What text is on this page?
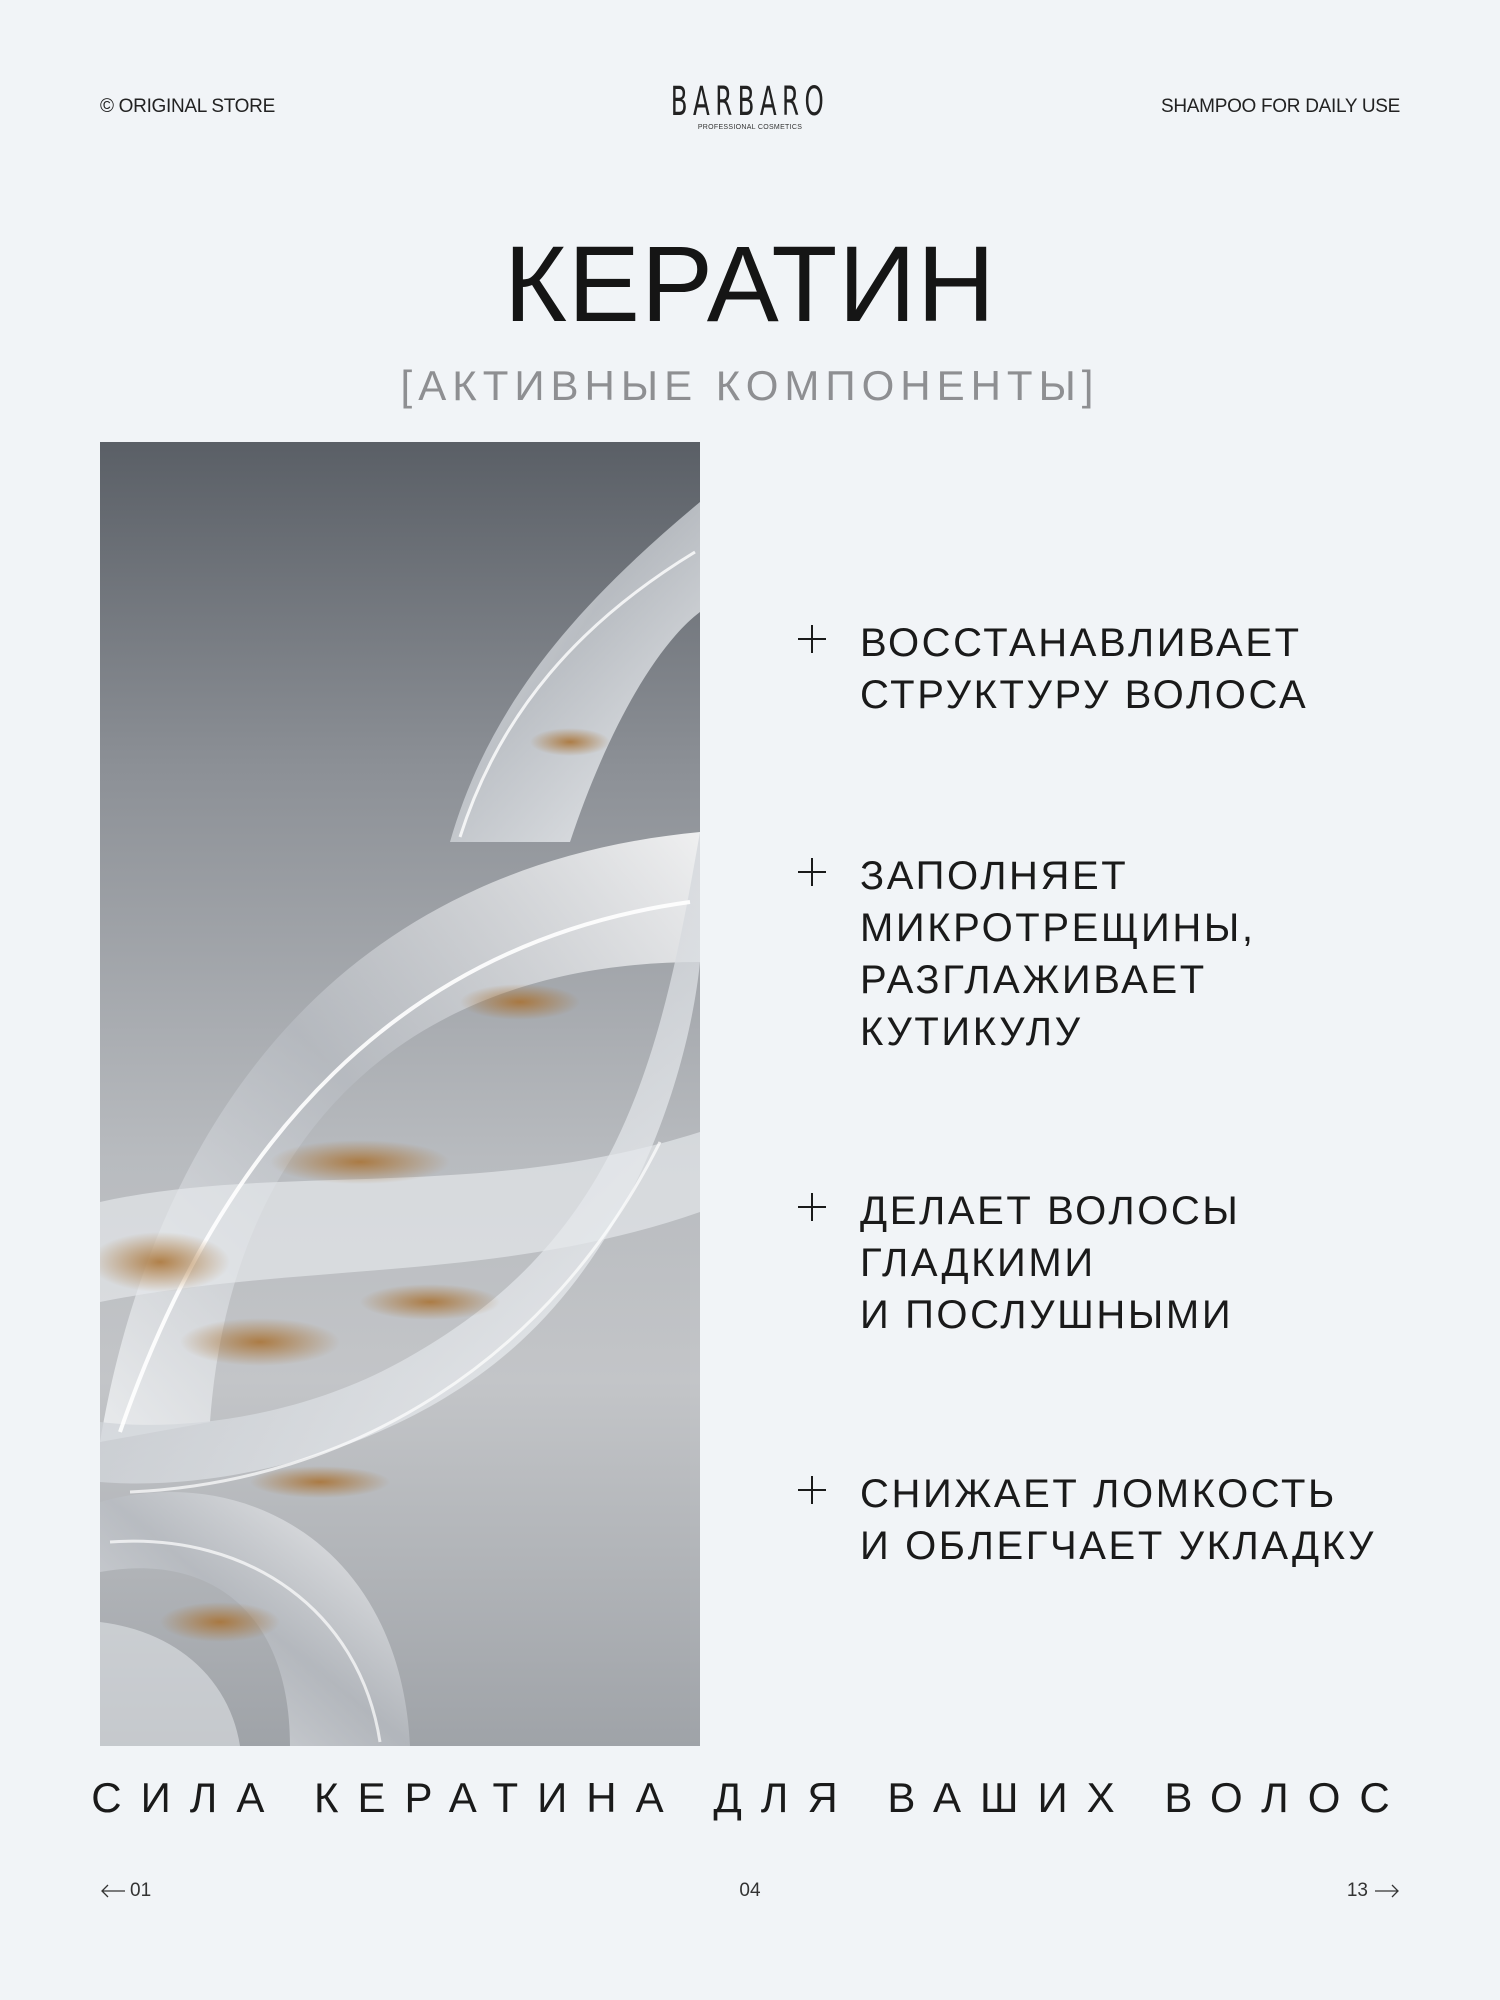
© ORIGINAL STORE	BARBARO
PROFESSIONAL COSMETICS
SHAMPOO FOR DAILY USE
КЕРАТИН
[АКТИВНЫЕ КОМПОНЕНТЫ]
ВОССТАНАВЛИВАЕТ
СТРУКТУРУ ВОЛОСА
ЗАПОЛНЯЕТ
МИКРОТРЕЩИНЫ,
РАЗГЛАЖИВАЕТ
КУТИКУЛУ
ДЕЛАЕТ ВОЛОСЫ
ГЛАДКИМИ
И ПОСЛУШНЫМИ
СНИЖАЕТ ЛОМКОСТЬ
И ОБЛЕГЧАЕТ УКЛАДКУ
СИЛА КЕРАТИНА ДЛЯ ВАШИХ ВОЛОС
01	04	13
